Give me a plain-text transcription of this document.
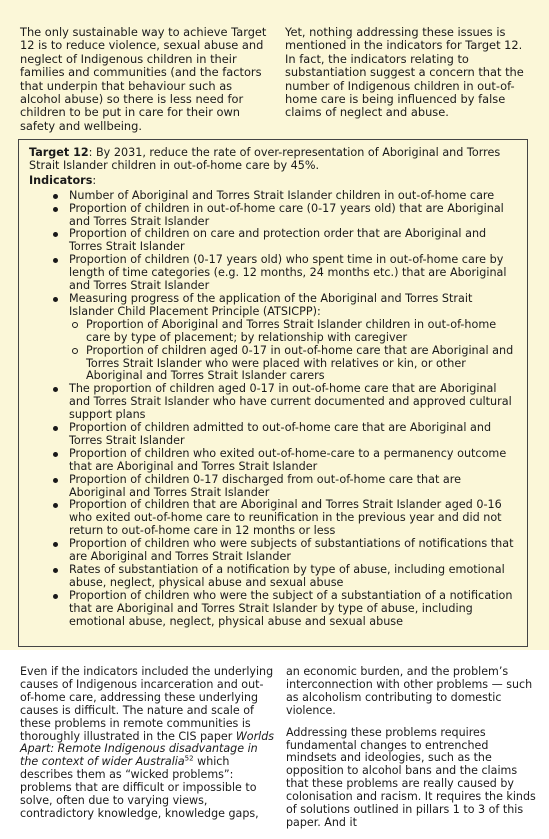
The only sustainable way to achieve Target 12 is to reduce violence, sexual abuse and neglect of Indigenous children in their families and communities (and the factors that underpin that behaviour such as alcohol abuse) so there is less need for children to be put in care for their own safety and wellbeing.
Yet, nothing addressing these issues is mentioned in the indicators for Target 12. In fact, the indicators relating to substantiation suggest a concern that the number of Indigenous children in out-of-home care is being influenced by false claims of neglect and abuse.

Target 12: By 2031, reduce the rate of over-representation of Aboriginal and Torres Strait Islander children in out-of-home care by 45%.

Indicators:

Number of Aboriginal and Torres Strait Islander children in out-of-home care
Proportion of children in out-of-home care (0-17 years old) that are Aboriginal and Torres Strait Islander
Proportion of children on care and protection order that are Aboriginal and Torres Strait Islander
Proportion of children (0-17 years old) who spent time in out-of-home care by length of time categories (e.g. 12 months, 24 months etc.) that are Aboriginal and Torres Strait Islander
Measuring progress of the application of the Aboriginal and Torres Strait Islander Child Placement Principle (ATSICPP):
Proportion of Aboriginal and Torres Strait Islander children in out-of-home care by type of placement; by relationship with caregiver
Proportion of children aged 0-17 in out-of-home care that are Aboriginal and Torres Strait Islander who were placed with relatives or kin, or other Aboriginal and Torres Strait Islander carers
The proportion of children aged 0-17 in out-of-home care that are Aboriginal and Torres Strait Islander who have current documented and approved cultural support plans
Proportion of children admitted to out-of-home care that are Aboriginal and Torres Strait Islander
Proportion of children who exited out-of-home-care to a permanency outcome that are Aboriginal and Torres Strait Islander
Proportion of children 0-17 discharged from out-of-home care that are Aboriginal and Torres Strait Islander
Proportion of children that are Aboriginal and Torres Strait Islander aged 0-16 who exited out-of-home care to reunification in the previous year and did not return to out-of-home care in 12 months or less
Proportion of children who were subjects of substantiations of notifications that are Aboriginal and Torres Strait Islander
Rates of substantiation of a notification by type of abuse, including emotional abuse, neglect, physical abuse and sexual abuse
Proportion of children who were the subject of a substantiation of a notification that are Aboriginal and Torres Strait Islander by type of abuse, including emotional abuse, neglect, physical abuse and sexual abuse

Even if the indicators included the underlying causes of Indigenous incarceration and out-of-home care, addressing these underlying causes is difficult. The nature and scale of these problems in remote communities is thoroughly illustrated in the CIS paper Worlds Apart: Remote Indigenous disadvantage in the context of wider Australia$^{52}$ which describes them as “wicked problems”: problems that are difficult or impossible to solve, often due to varying views, contradictory knowledge, knowledge gaps,

an economic burden, and the problem’s interconnection with other problems — such as alcoholism contributing to domestic violence.

Addressing these problems requires fundamental changes to entrenched mindsets and ideologies, such as the opposition to alcohol bans and the claims that these problems are really caused by colonisation and racism. It requires the kinds of solutions outlined in pillars 1 to 3 of this paper. And it
